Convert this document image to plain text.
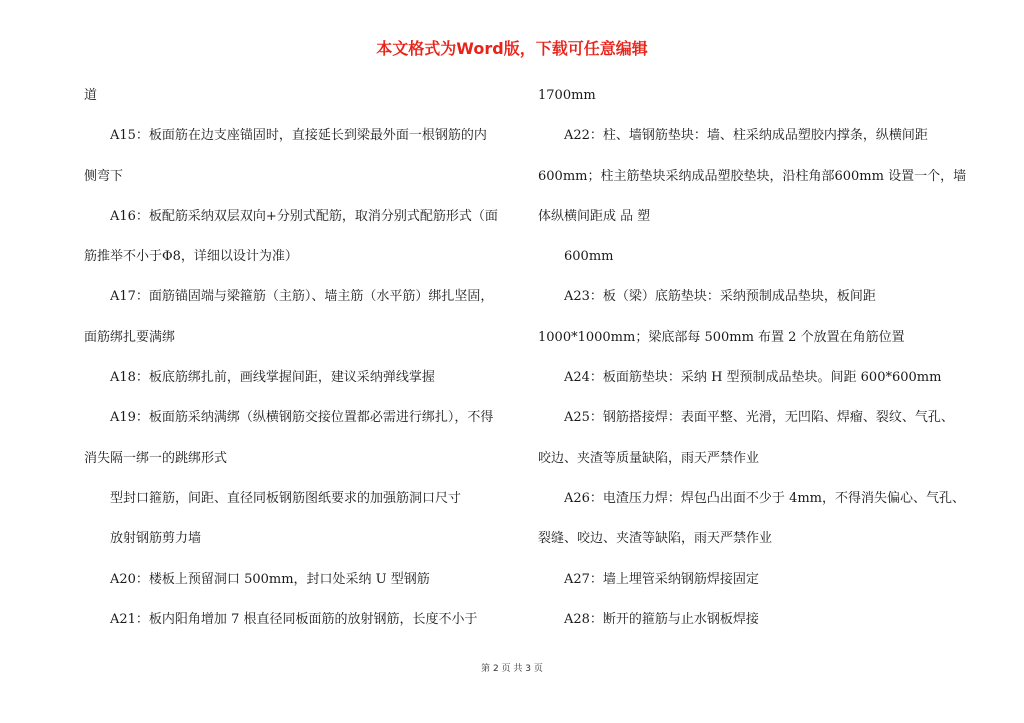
本文格式为Word版，下载可任意编辑
道
A15：板面筋在边支座锚固时，直接延长到梁最外面一根钢筋的内
侧弯下
A16：板配筋采纳双层双向+分别式配筋，取消分别式配筋形式（面
筋推举不小于Φ8，详细以设计为准）
A17：面筋锚固端与梁箍筋（主筋）、墙主筋（水平筋）绑扎坚固，
面筋绑扎要满绑
A18：板底筋绑扎前，画线掌握间距，建议采纳弹线掌握
A19：板面筋采纳满绑（纵横钢筋交接位置都必需进行绑扎），不得
消失隔一绑一的跳绑形式
型封口箍筋，间距、直径同板钢筋图纸要求的加强筋洞口尺寸
放射钢筋剪力墙
A20：楼板上预留洞口 500mm，封口处采纳 U 型钢筋
A21：板内阳角增加 7 根直径同板面筋的放射钢筋，长度不小于
1700mm
A22：柱、墙钢筋垫块：墙、柱采纳成品塑胶内撑条，纵横间距
600mm；柱主筋垫块采纳成品塑胶垫块，沿柱角部600mm 设置一个，墙
体纵横间距成 品 塑
600mm
A23：板（梁）底筋垫块：采纳预制成品垫块，板间距
1000*1000mm；梁底部每 500mm 布置 2 个放置在角筋位置
A24：板面筋垫块：采纳 H 型预制成品垫块。间距 600*600mm
A25：钢筋搭接焊：表面平整、光滑，无凹陷、焊瘤、裂纹、气孔、
咬边、夹渣等质量缺陷，雨天严禁作业
A26：电渣压力焊：焊包凸出面不少于 4mm，不得消失偏心、气孔、
裂缝、咬边、夹渣等缺陷，雨天严禁作业
A27：墙上埋管采纳钢筋焊接固定
A28：断开的箍筋与止水钢板焊接
第 2 页 共 3 页
